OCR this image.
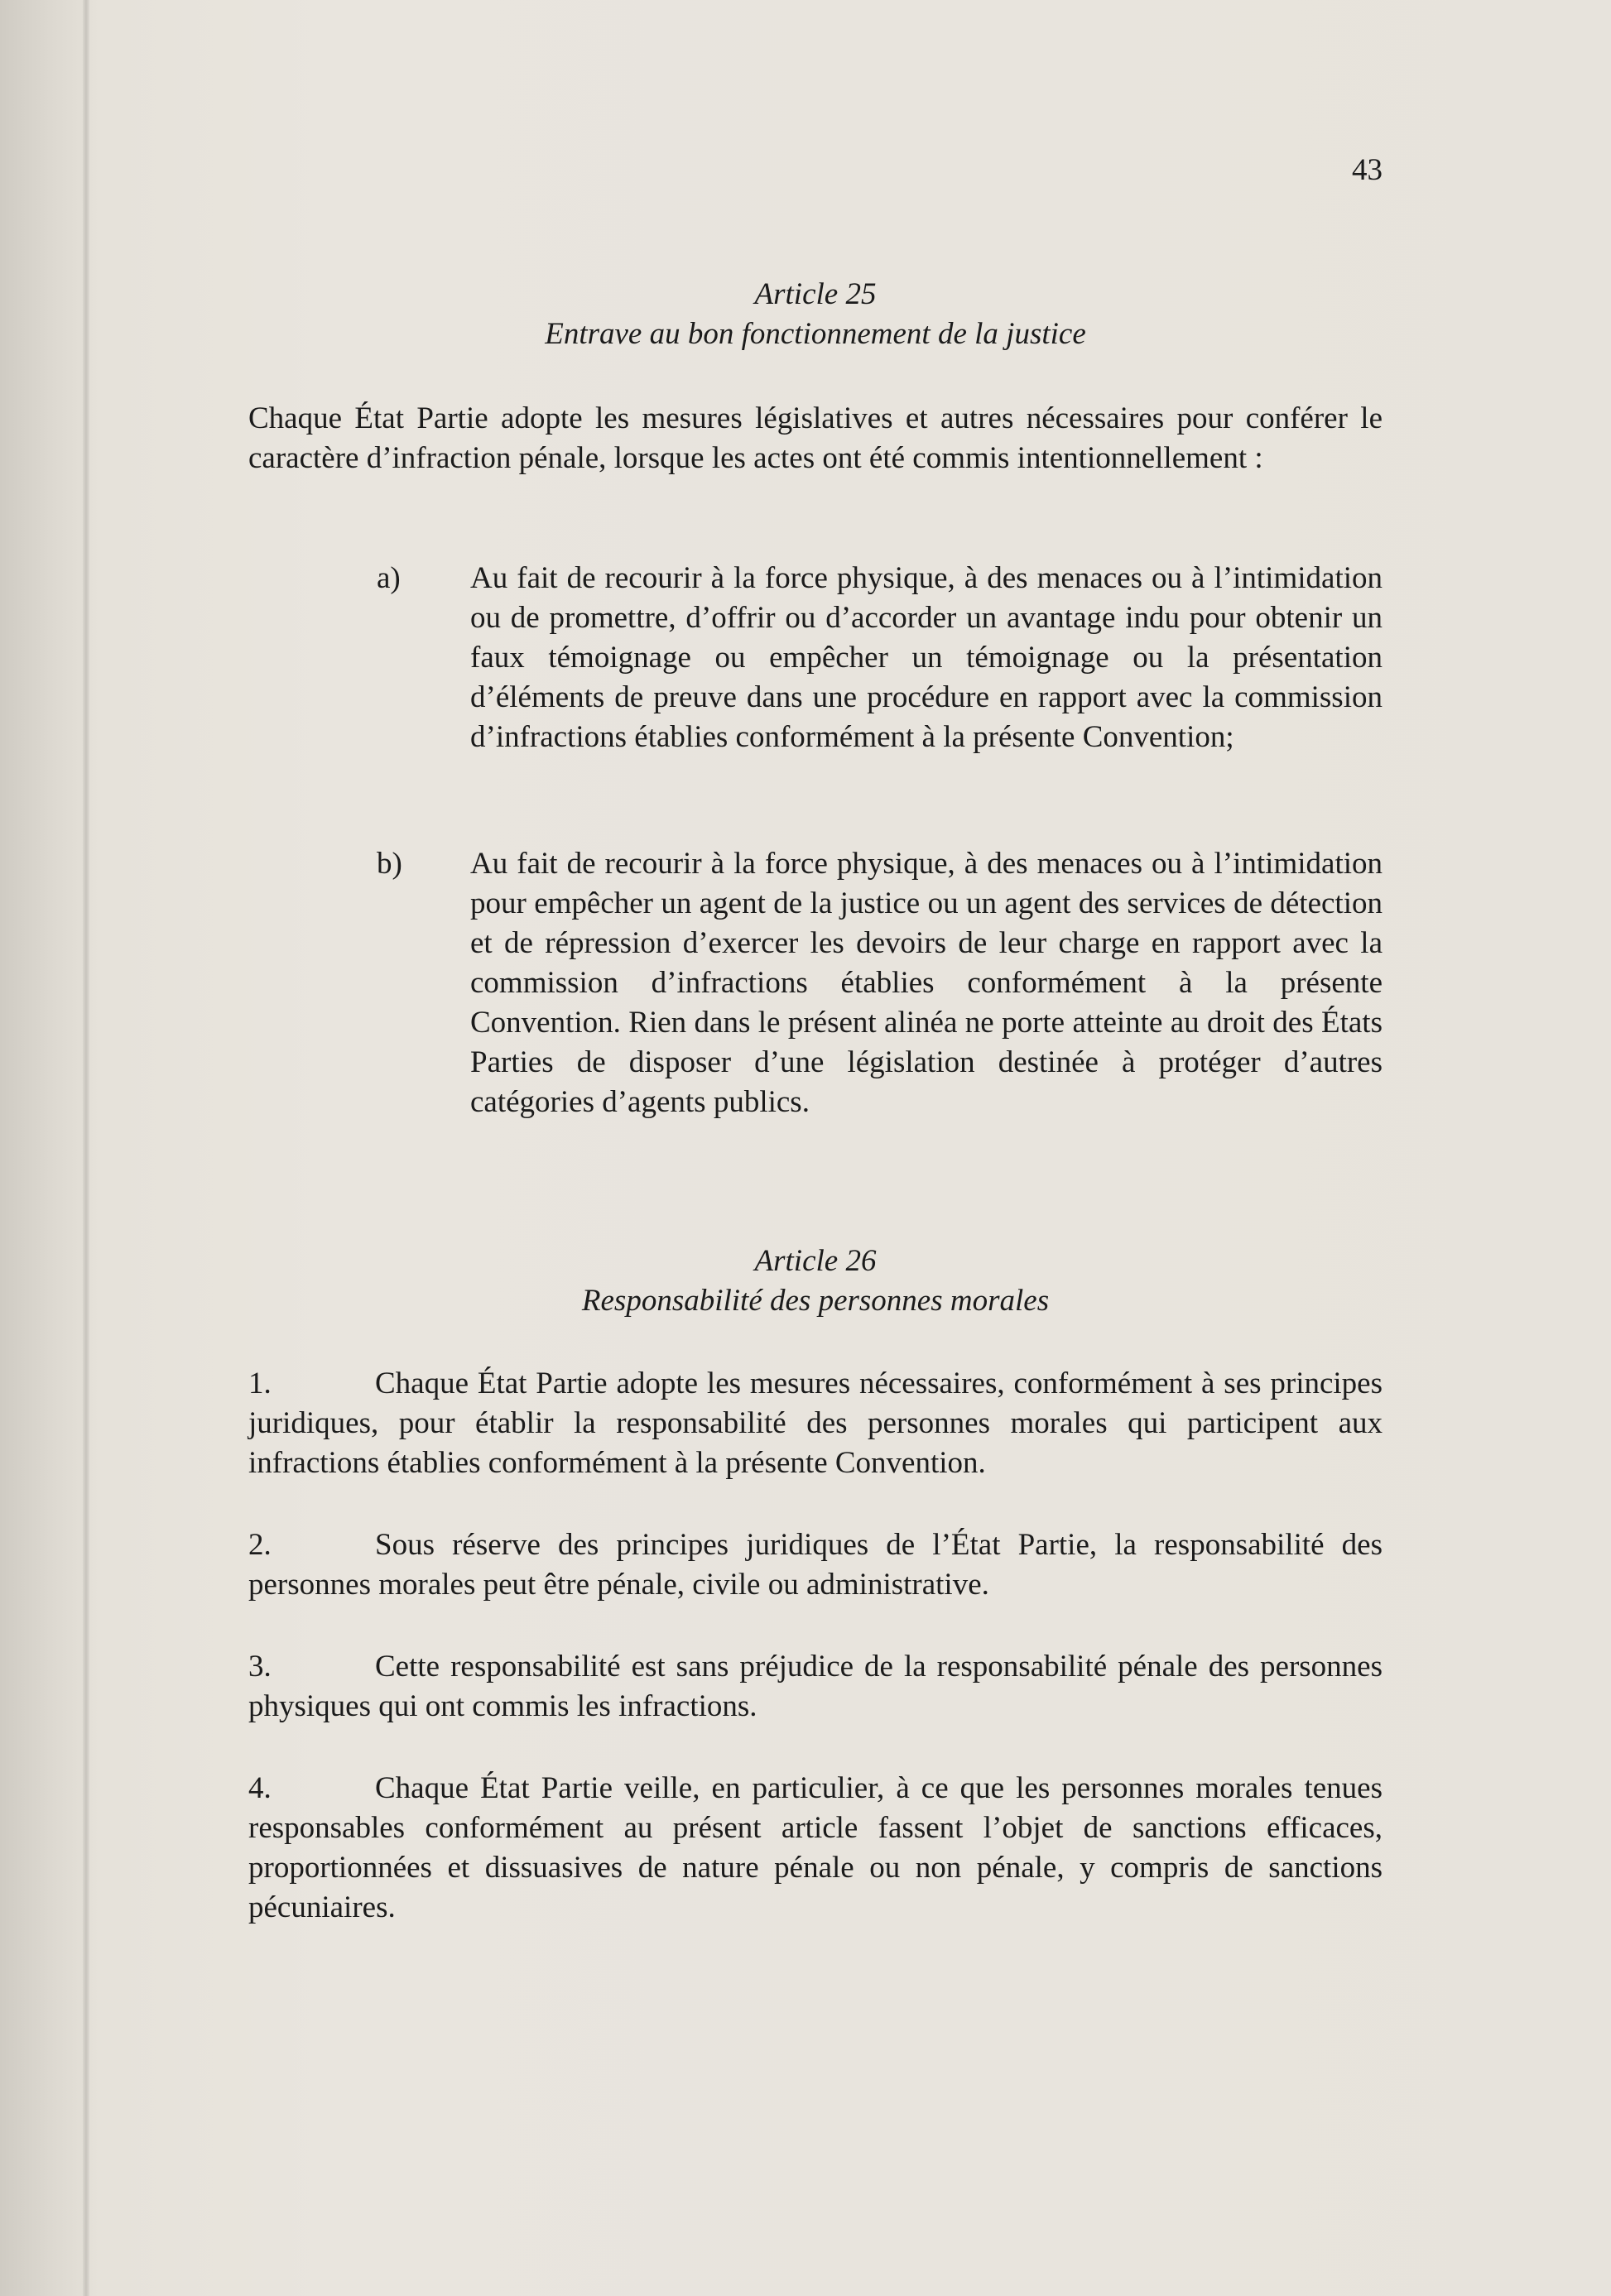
43
Article 25
Entrave au bon fonctionnement de la justice

Chaque État Partie adopte les mesures législatives et autres nécessaires pour conférer le caractère d’infraction pénale, lorsque les actes ont été commis intentionnellement :

a)	Au fait de recourir à la force physique, à des menaces ou à l’intimidation ou de promettre, d’offrir ou d’accorder un avantage indu pour obtenir un faux témoignage ou empêcher un témoignage ou la présentation d’éléments de preuve dans une procédure en rapport avec la commission d’infractions établies conformément à la présente Convention;
b)	Au fait de recourir à la force physique, à des menaces ou à l’intimidation pour empêcher un agent de la justice ou un agent des services de détection et de répression d’exercer les devoirs de leur charge en rapport avec la commission d’infractions établies conformément à la présente Convention. Rien dans le présent alinéa ne porte atteinte au droit des États Parties de disposer d’une législation destinée à protéger d’autres catégories d’agents publics.
Article 26
Responsabilité des personnes morales

1.	Chaque État Partie adopte les mesures nécessaires, conformément à ses principes juridiques, pour établir la responsabilité des personnes morales qui participent aux infractions établies conformément à la présente Convention.

2.	Sous réserve des principes juridiques de l’État Partie, la responsabilité des personnes morales peut être pénale, civile ou administrative.

3.	Cette responsabilité est sans préjudice de la responsabilité pénale des personnes physiques qui ont commis les infractions.

4.	Chaque État Partie veille, en particulier, à ce que les personnes morales tenues responsables conformément au présent article fassent l’objet de sanctions efficaces, proportionnées et dissuasives de nature pénale ou non pénale, y compris de sanctions pécuniaires.
